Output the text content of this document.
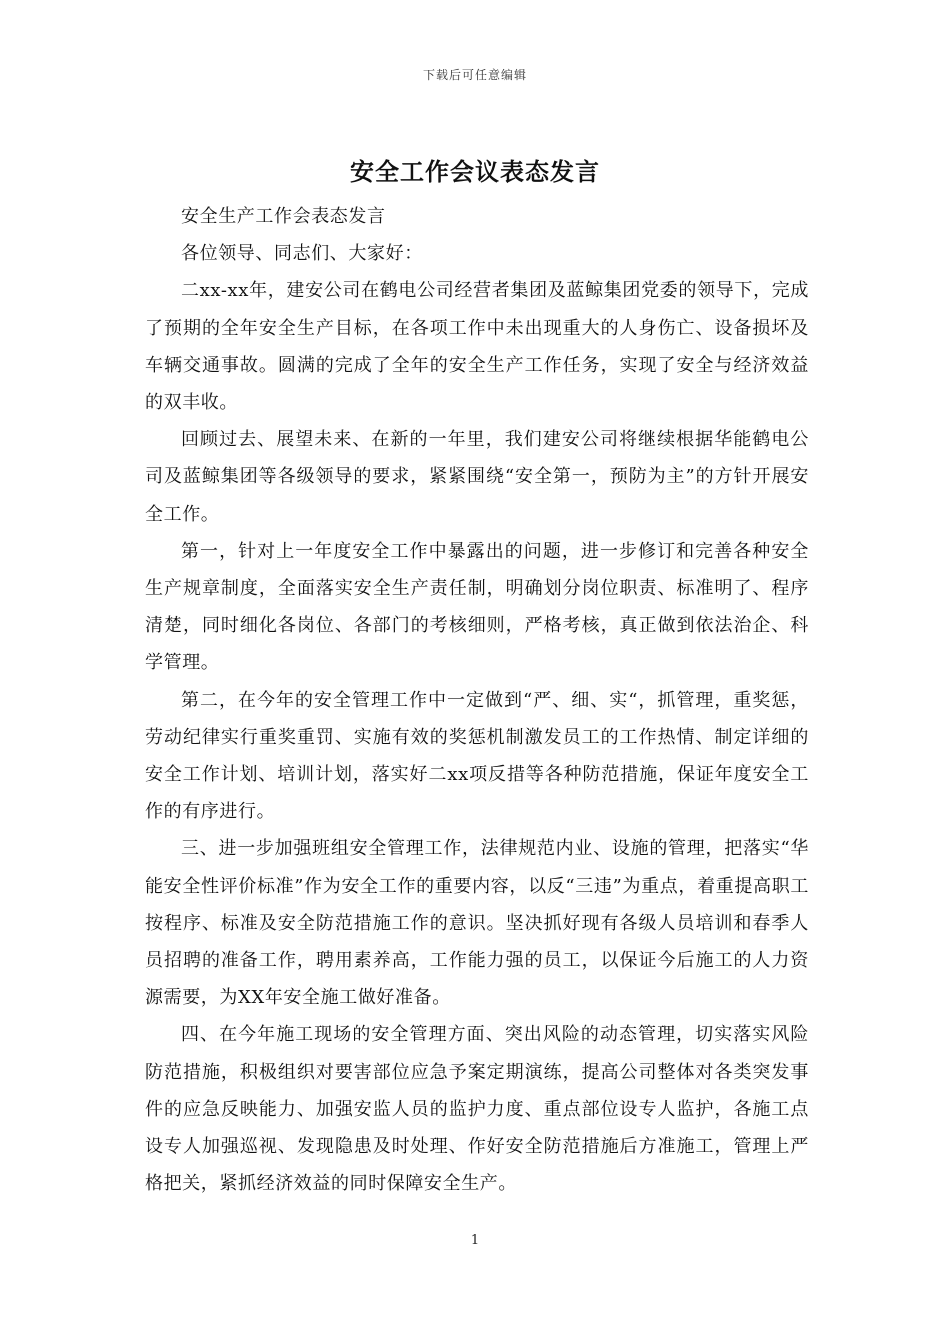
下载后可任意编辑
安全工作会议表态发言

安全生产工作会表态发言

各位领导、同志们、大家好：

二xx-xx年，建安公司在鹤电公司经营者集团及蓝鲸集团党委的领导下，完成了预期的全年安全生产目标，在各项工作中未出现重大的人身伤亡、设备损坏及车辆交通事故。圆满的完成了全年的安全生产工作任务，实现了安全与经济效益的双丰收。

回顾过去、展望未来、在新的一年里，我们建安公司将继续根据华能鹤电公司及蓝鲸集团等各级领导的要求，紧紧围绕“安全第一，预防为主”的方针开展安全工作。

第一，针对上一年度安全工作中暴露出的问题，进一步修订和完善各种安全生产规章制度，全面落实安全生产责任制，明确划分岗位职责、标准明了、程序清楚，同时细化各岗位、各部门的考核细则，严格考核，真正做到依法治企、科学管理。

第二，在今年的安全管理工作中一定做到“严、细、实“，抓管理，重奖惩，劳动纪律实行重奖重罚、实施有效的奖惩机制激发员工的工作热情、制定详细的安全工作计划、培训计划，落实好二xx项反措等各种防范措施，保证年度安全工作的有序进行。

三、进一步加强班组安全管理工作，法律规范内业、设施的管理，把落实“华能安全性评价标准”作为安全工作的重要内容，以反“三违”为重点，着重提高职工按程序、标准及安全防范措施工作的意识。坚决抓好现有各级人员培训和春季人员招聘的准备工作，聘用素养高，工作能力强的员工，以保证今后施工的人力资源需要，为XX年安全施工做好准备。

四、在今年施工现场的安全管理方面、突出风险的动态管理，切实落实风险防范措施，积极组织对要害部位应急予案定期演练，提高公司整体对各类突发事件的应急反映能力、加强安监人员的监护力度、重点部位设专人监护，各施工点设专人加强巡视、发现隐患及时处理、作好安全防范措施后方准施工，管理上严格把关，紧抓经济效益的同时保障安全生产。

1
